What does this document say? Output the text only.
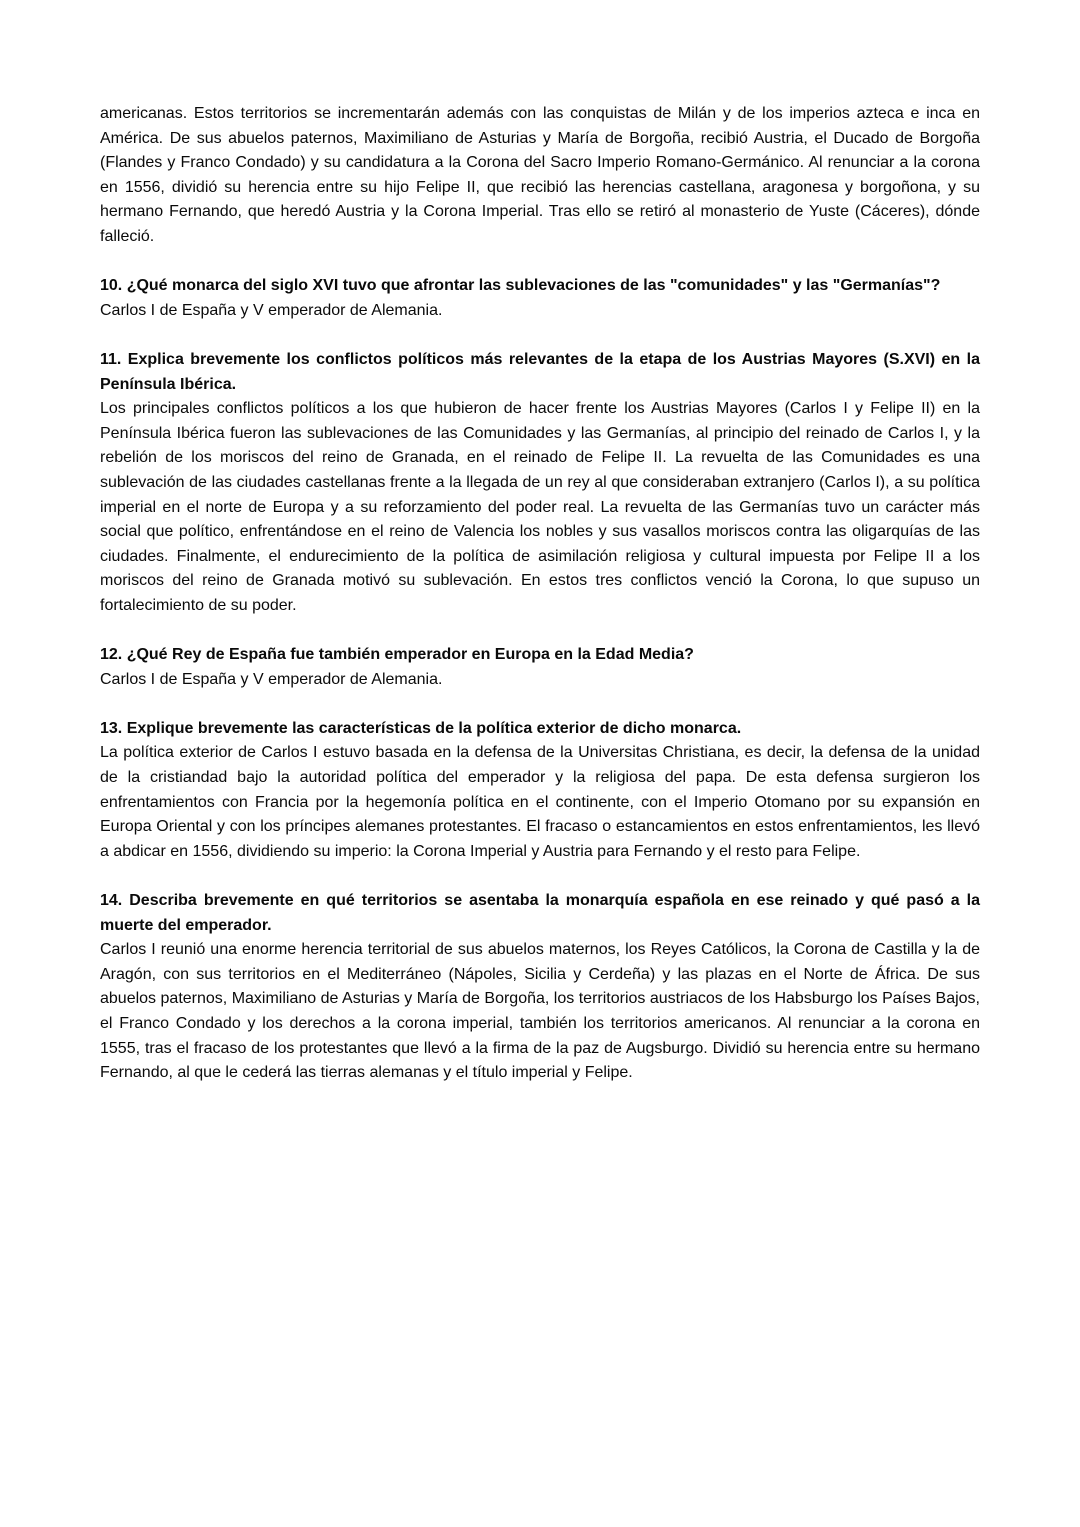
americanas. Estos territorios se incrementarán además con las conquistas de Milán y de los imperios azteca e inca en América. De sus abuelos paternos, Maximiliano de Asturias y María de Borgoña, recibió Austria, el Ducado de Borgoña (Flandes y Franco Condado) y su candidatura a la Corona del Sacro Imperio Romano-Germánico. Al renunciar a la corona en 1556, dividió su herencia entre su hijo Felipe II, que recibió las herencias castellana, aragonesa y borgoñona, y su hermano Fernando, que heredó Austria y la Corona Imperial. Tras ello se retiró al monasterio de Yuste (Cáceres), dónde falleció.

10. ¿Qué monarca del siglo XVI tuvo que afrontar las sublevaciones de las "comunidades" y las "Germanías"?

Carlos I de España y V emperador de Alemania.

11. Explica brevemente los conflictos políticos más relevantes de la etapa de los Austrias Mayores (S.XVI) en la Península Ibérica.

Los principales conflictos políticos a los que hubieron de hacer frente los Austrias Mayores (Carlos I y Felipe II) en la Península Ibérica fueron las sublevaciones de las Comunidades y las Germanías, al principio del reinado de Carlos I, y la rebelión de los moriscos del reino de Granada, en el reinado de Felipe II. La revuelta de las Comunidades es una sublevación de las ciudades castellanas frente a la llegada de un rey al que consideraban extranjero (Carlos I), a su política imperial en el norte de Europa y a su reforzamiento del poder real. La revuelta de las Germanías tuvo un carácter más social que político, enfrentándose en el reino de Valencia los nobles y sus vasallos moriscos contra las oligarquías de las ciudades. Finalmente, el endurecimiento de la política de asimilación religiosa y cultural impuesta por Felipe II a los moriscos del reino de Granada motivó su sublevación. En estos tres conflictos venció la Corona, lo que supuso un fortalecimiento de su poder.

12. ¿Qué Rey de España fue también emperador en Europa en la Edad Media?

Carlos I de España y V emperador de Alemania.

13. Explique brevemente las características de la política exterior de dicho monarca.

La política exterior de Carlos I estuvo basada en la defensa de la Universitas Christiana, es decir, la defensa de la unidad de la cristiandad bajo la autoridad política del emperador y la religiosa del papa. De esta defensa surgieron los enfrentamientos con Francia por la hegemonía política en el continente, con el Imperio Otomano por su expansión en Europa Oriental y con los príncipes alemanes protestantes. El fracaso o estancamientos en estos enfrentamientos, les llevó a abdicar en 1556, dividiendo su imperio: la Corona Imperial y Austria para Fernando y el resto para Felipe.

14. Describa brevemente en qué territorios se asentaba la monarquía española en ese reinado y qué pasó a la muerte del emperador.

Carlos I reunió una enorme herencia territorial de sus abuelos maternos, los Reyes Católicos, la Corona de Castilla y la de Aragón, con sus territorios en el Mediterráneo (Nápoles, Sicilia y Cerdeña) y las plazas en el Norte de África. De sus abuelos paternos, Maximiliano de Asturias y María de Borgoña, los territorios austriacos de los Habsburgo los Países Bajos, el Franco Condado y los derechos a la corona imperial, también los territorios americanos. Al renunciar a la corona en 1555, tras el fracaso de los protestantes que llevó a la firma de la paz de Augsburgo. Dividió su herencia entre su hermano Fernando, al que le cederá las tierras alemanas y el título imperial y Felipe.
